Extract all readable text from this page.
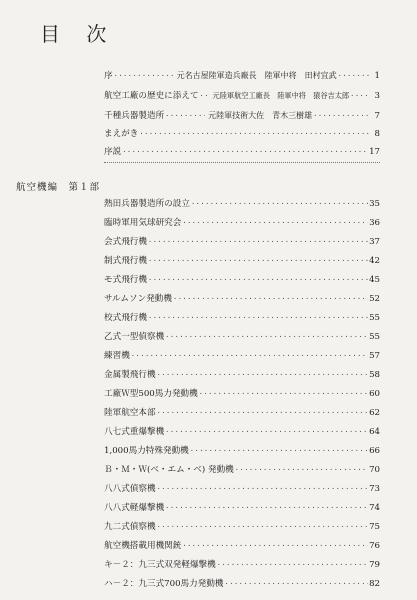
目 次
序 ·····	元名古屋陸軍造兵廠長　陸軍中将　田村宜武 ·····	1
航空工廠の歴史に添えて ····· 元陸軍航空工廠長　陸軍中将　猿谷吉太郎 ·····	3
千種兵器製造所 ·····	元陸軍技術大佐　青木三樹雄 ·····	7
まえがき ·····	8
序説 ·····	17
航空機編　第１部
熱田兵器製造所の設立 ·····	35
臨時軍用気球研究会 ·····	36
会式飛行機 ·····	37
制式飛行機 ·····	42
モ式飛行機 ·····	45
サルムソン発動機 ·····	52
校式飛行機 ·····	55
乙式一型偵察機 ·····	55
練習機 ·····	57
金属製飛行機 ·····	58
工廠Ｗ型500馬力発動機 ·····	60
陸軍航空本部 ·····	62
八七式重爆撃機 ·····	64
1,000馬力特殊発動機 ·····	66
Ｂ・Ｍ・Ｗ(ベ・エム・ベ) 発動機 ·····	70
八八式偵察機 ·····	73
八八式軽爆撃機 ·····	74
九二式偵察機 ·····	75
航空機搭載用機関銃 ·····	76
キ－２：九三式双発軽爆撃機 ·····	79
ハ－２：九三式700馬力発動機 ·····	82
